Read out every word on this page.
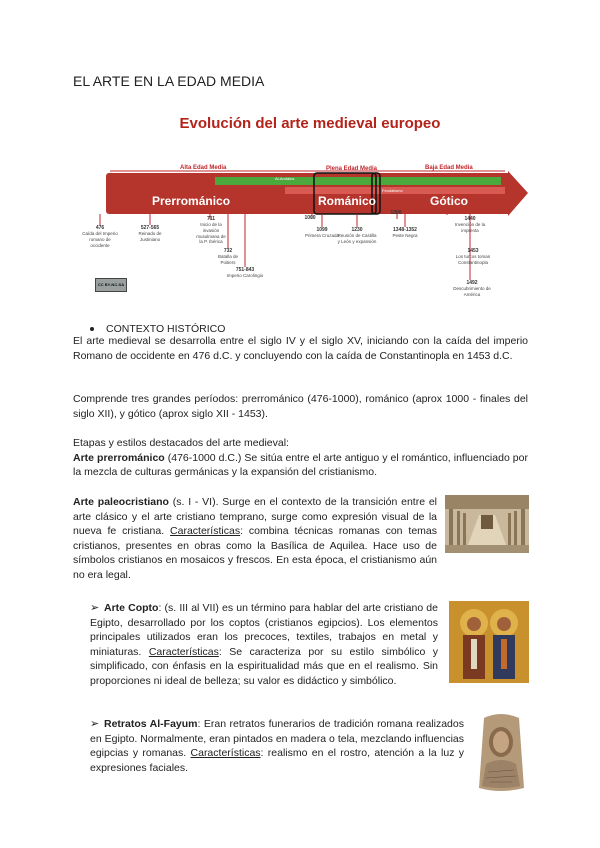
EL ARTE EN LA EDAD MEDIA
Evolución del arte medieval europeo
Alta Edad Media	Plena Edad Media	Baja Edad Media
Al-Andalus
Feudalismo
Prerrománico	Románico	Gótico
476
Caída del Imperio romano de occidente
527-565
Reinado de Justiniano
711
Inicio de la invasión musulmana de la P. Ibérica
732
Batalla de Poitiers
751-843
Imperio Carolingio
1000
1099
Primera Cruzada
1230
Reunión de Castilla y León y expansión
1300
1348-1352
Peste Negra
1440
Invención de la imprenta
1453
Los turcos toman Constantinopla
1492
Descubrimiento de América
CC BY-NC-SA
CONTEXTO HISTÓRICO
El arte medieval se desarrolla entre el siglo IV y el siglo XV, iniciando con la caída del imperio Romano de occidente en 476 d.C. y concluyendo con la caída de Constantinopla en 1453 d.C.
Comprende tres grandes períodos: prerrománico (476-1000), románico (aprox 1000 - finales del siglo XII), y gótico (aprox siglo XII - 1453).
Etapas y estilos destacados del arte medieval:
Arte prerrománico (476-1000 d.C.) Se sitúa entre el arte antiguo y el romántico, influenciado por la mezcla de culturas germánicas y la expansión del cristianismo.
Arte paleocristiano (s. I - VI). Surge en el contexto de la transición entre el arte clásico y el arte cristiano temprano, surge como expresión visual de la nueva fe cristiana. Características: combina técnicas romanas con temas cristianos, presentes en obras como la Basílica de Aquilea. Hace uso de símbolos cristianos en mosaicos y frescos. En esta época, el cristianismo aún no era legal.
➢ Arte Copto: (s. III al VII) es un término para hablar del arte cristiano de Egipto, desarrollado por los coptos (cristianos egipcios). Los elementos principales utilizados eran los precoces, textiles, trabajos en metal y miniaturas. Características: Se caracteriza por su estilo simbólico y simplificado, con énfasis en la espiritualidad más que en el realismo. Sin proporciones ni ideal de belleza; su valor es didáctico y simbólico.
➢ Retratos Al-Fayum: Eran retratos funerarios de tradición romana realizados en Egipto. Normalmente, eran pintados en madera o tela, mezclando influencias egipcias y romanas. Características: realismo en el rostro, atención a la luz y expresiones faciales.
